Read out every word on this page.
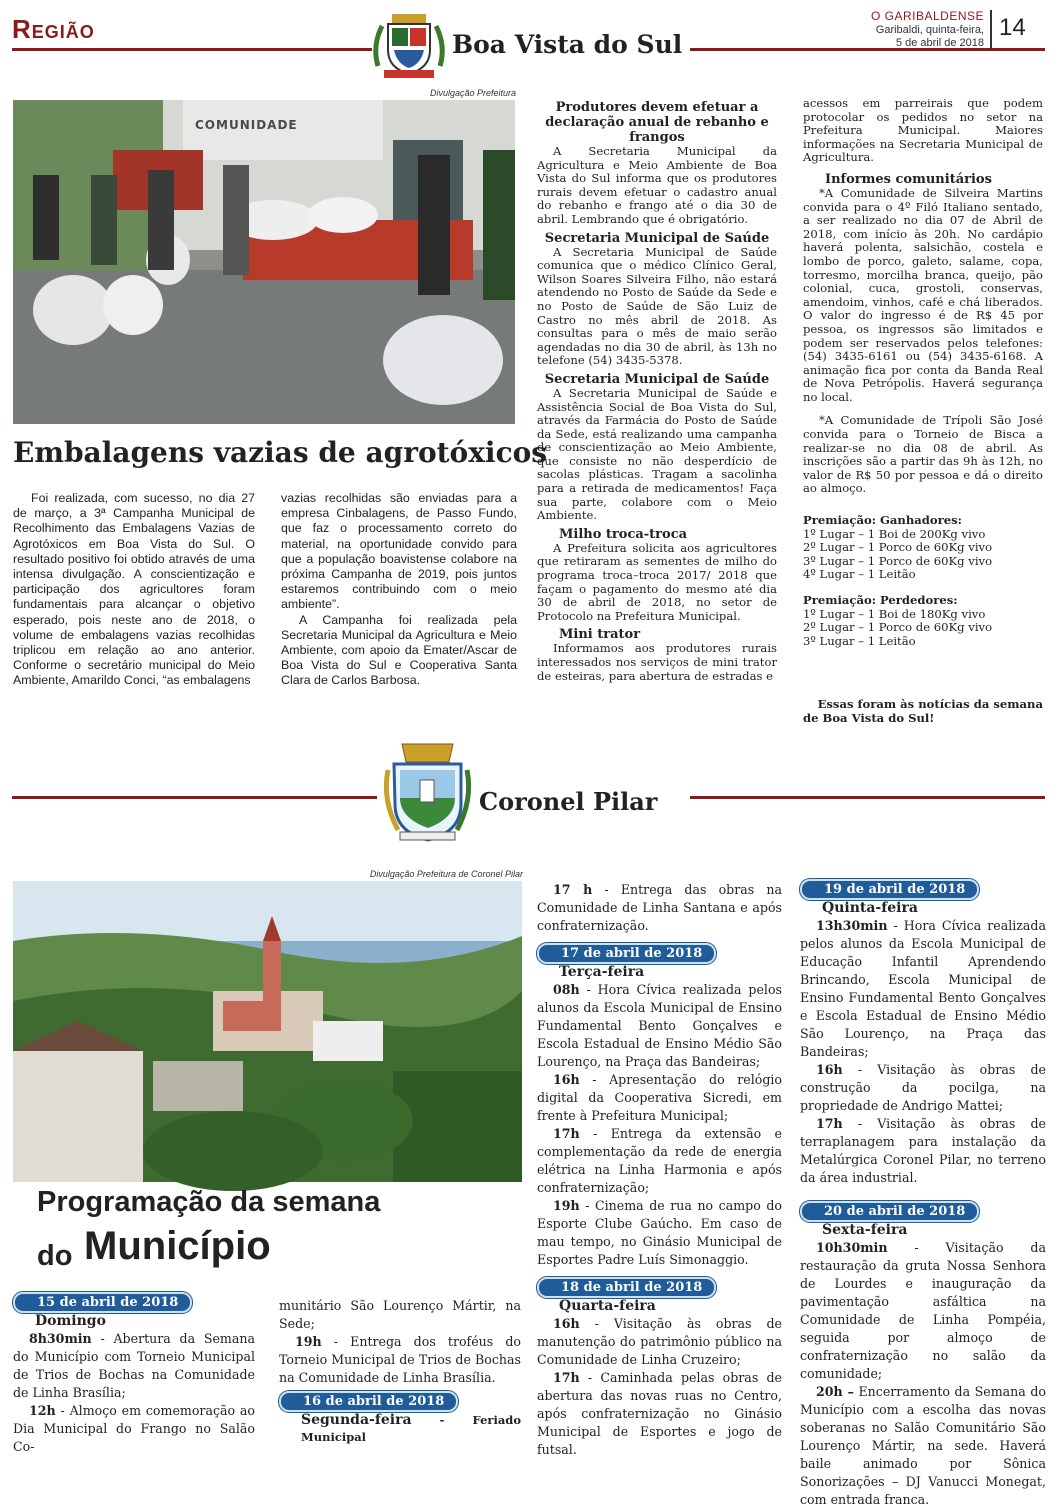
Região
Boa Vista do Sul
O GARIBALDENSE
Garibaldi, quinta-feira,
5 de abril de 2018
14
Divulgação Prefeitura
COMUNIDADE
Embalagens vazias de agrotóxicos
Foi realizada, com sucesso, no dia 27 de março, a 3ª Campanha Municipal de Recolhimento das Embalagens Vazias de Agrotóxicos em Boa Vista do Sul. O resultado positivo foi obtido através de uma intensa divulgação. A conscientização e participação dos agricultores foram fundamentais para alcançar o objetivo esperado, pois neste ano de 2018, o volume de embalagens vazias recolhidas triplicou em relação ao ano anterior. Conforme o secretário municipal do Meio Ambiente, Amarildo Conci, “as embalagens

vazias recolhidas são enviadas para a empresa Cinbalagens, de Passo Fundo, que faz o processamento correto do material, na oportunidade convido para que a população boavistense colabore na próxima Campanha de 2019, pois juntos estaremos contribuindo com o meio ambiente”.

A Campanha foi realizada pela Secretaria Municipal da Agricultura e Meio Ambiente, com apoio da Emater/Ascar de Boa Vista do Sul e Cooperativa Santa Clara de Carlos Barbosa.

Produtores devem efetuar a declaração anual de rebanho e frangos

A Secretaria Municipal da Agricultura e Meio Ambiente de Boa Vista do Sul informa que os produtores rurais devem efetuar o cadastro anual do rebanho e frango até o dia 30 de abril. Lembrando que é obrigatório.

Secretaria Municipal de Saúde

A Secretaria Municipal de Saúde comunica que o médico Clínico Geral, Wilson Soares Silveira Filho, não estará atendendo no Posto de Saúde da Sede e no Posto de Saúde de São Luiz de Castro no mês abril de 2018. As consultas para o mês de maio serão agendadas no dia 30 de abril, às 13h no telefone (54) 3435-5378.

Secretaria Municipal de Saúde

A Secretaria Municipal de Saúde e Assistência Social de Boa Vista do Sul, através da Farmácia do Posto de Saúde da Sede, está realizando uma campanha de conscientização ao Meio Ambiente, que consiste no não desperdício de sacolas plásticas. Tragam a sacolinha para a retirada de medicamentos! Faça sua parte, colabore com o Meio Ambiente.

Milho troca-troca

A Prefeitura solicita aos agricultores que retiraram as sementes de milho do programa troca–troca 2017/ 2018 que façam o pagamento do mesmo até dia 30 de abril de 2018, no setor de Protocolo na Prefeitura Municipal.

Mini trator

Informamos aos produtores rurais interessados nos serviços de mini trator de esteiras, para abertura de estradas e

acessos em parreirais que podem protocolar os pedidos no setor na Prefeitura Municipal. Maiores informações na Secretaria Municipal de Agricultura.

Informes comunitários

*A Comunidade de Silveira Martins convida para o 4º Filó Italiano sentado, a ser realizado no dia 07 de Abril de 2018, com início às 20h. No cardápio haverá polenta, salsichão, costela e lombo de porco, galeto, salame, copa, torresmo, morcilha branca, queijo, pão colonial, cuca, grostoli, conservas, amendoim, vinhos, café e chá liberados. O valor do ingresso é de R$ 45 por pessoa, os ingressos são limitados e podem ser reservados pelos telefones: (54) 3435-6161 ou (54) 3435-6168. A animação fica por conta da Banda Real de Nova Petrópolis. Haverá segurança no local.

*A Comunidade de Trípoli São José convida para o Torneio de Bisca a realizar-se no dia 08 de abril. As inscrições são a partir das 9h às 12h, no valor de R$ 50 por pessoa e dá o direito ao almoço.

Premiação: Ganhadores:
1º Lugar – 1 Boi de 200Kg vivo
2º Lugar – 1 Porco de 60Kg vivo
3º Lugar – 1 Porco de 60Kg vivo
4º Lugar – 1 Leitão
Premiação: Perdedores:
1º Lugar – 1 Boi de 180Kg vivo
2º Lugar – 1 Porco de 60Kg vivo
3º Lugar – 1 Leitão

Essas foram às notícias da semana de Boa Vista do Sul!

Coronel Pilar
Divulgação Prefeitura de Coronel Pilar
Programação da semana
do Município
15 de abril de 2018
Domingo

8h30min - Abertura da Semana do Município com Torneio Municipal de Trios de Bochas na Comunidade de Linha Brasília;

12h - Almoço em comemoração ao Dia Municipal do Frango no Salão Co-

munitário São Lourenço Mártir, na Sede;

19h - Entrega dos troféus do Torneio Municipal de Trios de Bochas na Comunidade de Linha Brasília.

16 de abril de 2018
Segunda-feira - Feriado Municipal

17 h - Entrega das obras na Comunidade de Linha Santana e após confraternização.

17 de abril de 2018
Terça-feira

08h - Hora Cívica realizada pelos alunos da Escola Municipal de Ensino Fundamental Bento Gonçalves e Escola Estadual de Ensino Médio São Lourenço, na Praça das Bandeiras;

16h - Apresentação do relógio digital da Cooperativa Sicredi, em frente à Prefeitura Municipal;

17h - Entrega da extensão e complementação da rede de energia elétrica na Linha Harmonia e após confraternização;

19h - Cinema de rua no campo do Esporte Clube Gaúcho. Em caso de mau tempo, no Ginásio Municipal de Esportes Padre Luís Simonaggio.

18 de abril de 2018
Quarta-feira

16h - Visitação às obras de manutenção do patrimônio público na Comunidade de Linha Cruzeiro;

17h - Caminhada pelas obras de abertura das novas ruas no Centro, após confraternização no Ginásio Municipal de Esportes e jogo de futsal.

19 de abril de 2018
Quinta-feira

13h30min - Hora Cívica realizada pelos alunos da Escola Municipal de Educação Infantil Aprendendo Brincando, Escola Municipal de Ensino Fundamental Bento Gonçalves e Escola Estadual de Ensino Médio São Lourenço, na Praça das Bandeiras;

16h - Visitação às obras de construção da pocilga, na propriedade de Andrigo Mattei;

17h - Visitação às obras de terraplanagem para instalação da Metalúrgica Coronel Pilar, no terreno da área industrial.

20 de abril de 2018
Sexta-feira

10h30min - Visitação da restauração da gruta Nossa Senhora de Lourdes e inauguração da pavimentação asfáltica na Comunidade de Linha Pompéia, seguida por almoço de confraternização no salão da comunidade;

20h – Encerramento da Semana do Município com a escolha das novas soberanas no Salão Comunitário São Lourenço Mártir, na sede. Haverá baile animado por Sônica Sonorizações – DJ Vanucci Monegat, com entrada franca.
